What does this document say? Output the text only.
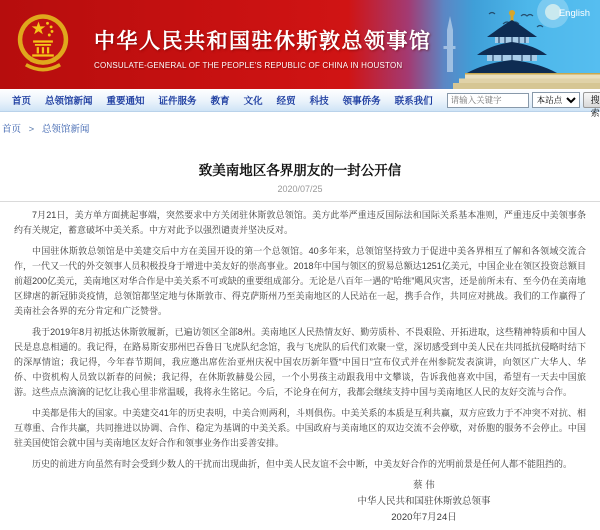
中华人民共和国驻休斯敦总领事馆
CONSULATE-GENERAL OF THE PEOPLE'S REPUBLIC OF CHINA IN HOUSTON
English
首页 总领馆新闻 重要通知 证件服务 教育 文化 经贸 科技 领事侨务 联系我们
请输入关键字
本站点	搜索
首页 > 总领馆新闻
致美南地区各界朋友的一封公开信
2020/07/25

7月21日，美方单方面挑起事端，突然要求中方关闭驻休斯敦总领馆。美方此举严重违反国际法和国际关系基本准则，严重违反中美领事条约有关规定，蓄意破坏中美关系。中方对此予以强烈谴责并坚决反对。

中国驻休斯敦总领馆是中美建交后中方在美国开设的第一个总领馆。40多年来，总领馆坚持致力于促进中美各界相互了解和各领域交流合作，一代又一代的外交领事人员积极投身于增进中美友好的崇高事业。2018年中国与领区的贸易总额达1251亿美元，中国企业在领区投资总额目前超200亿美元，美南地区对华合作是中美关系不可或缺的重要组成部分。无论是八百年一遇的“哈维”飓风灾害，还是前所未有、至今仍在美南地区肆虐的新冠肺炎疫情，总领馆都坚定地与休斯敦市、得克萨斯州乃至美南地区的人民站在一起，携手合作，共同应对挑战。我们的工作赢得了美南社会各界的充分肯定和广泛赞誉。

我于2019年8月初抵达休斯敦履新，已遍访领区全部8州。美南地区人民热情友好、勤劳质朴、不畏艰险、开拓进取，这些精神特质和中国人民是息息相通的。我记得，在路易斯安那州巴吞鲁日飞虎队纪念馆，我与飞虎队的后代们欢聚一堂，深切感受到中美人民在共同抵抗侵略时结下的深厚情谊；我记得，今年春节期间，我应邀出席佐治亚州庆祝中国农历新年暨“中国日”宣布仪式并在州参院发表演讲，向领区广大华人、华侨、中资机构人员致以新春的问候；我记得，在休斯敦赫曼公园，一个小男孩主动跟我用中文攀谈，告诉我他喜欢中国，希望有一天去中国旅游。这些点点滴滴的记忆让我心里非常温暖，我将永生铭记。今后，不论身在何方，我都会继续支持中国与美南地区人民的友好交流与合作。

中美都是伟大的国家。中美建交41年的历史表明，中美合则两利，斗则俱伤。中美关系的本质是互利共赢，双方应致力于不冲突不对抗、相互尊重、合作共赢，共同推进以协调、合作、稳定为基调的中美关系。中国政府与美南地区的双边交流不会停歇，对侨胞的服务不会停止。中国驻美国使馆会就中国与美南地区友好合作和领事业务作出妥善安排。

历史的前进方向虽然有时会受到少数人的干扰而出现曲折，但中美人民友谊不会中断，中美友好合作的光明前景是任何人都不能阻挡的。

蔡 伟
中华人民共和国驻休斯敦总领事
2020年7月24日
